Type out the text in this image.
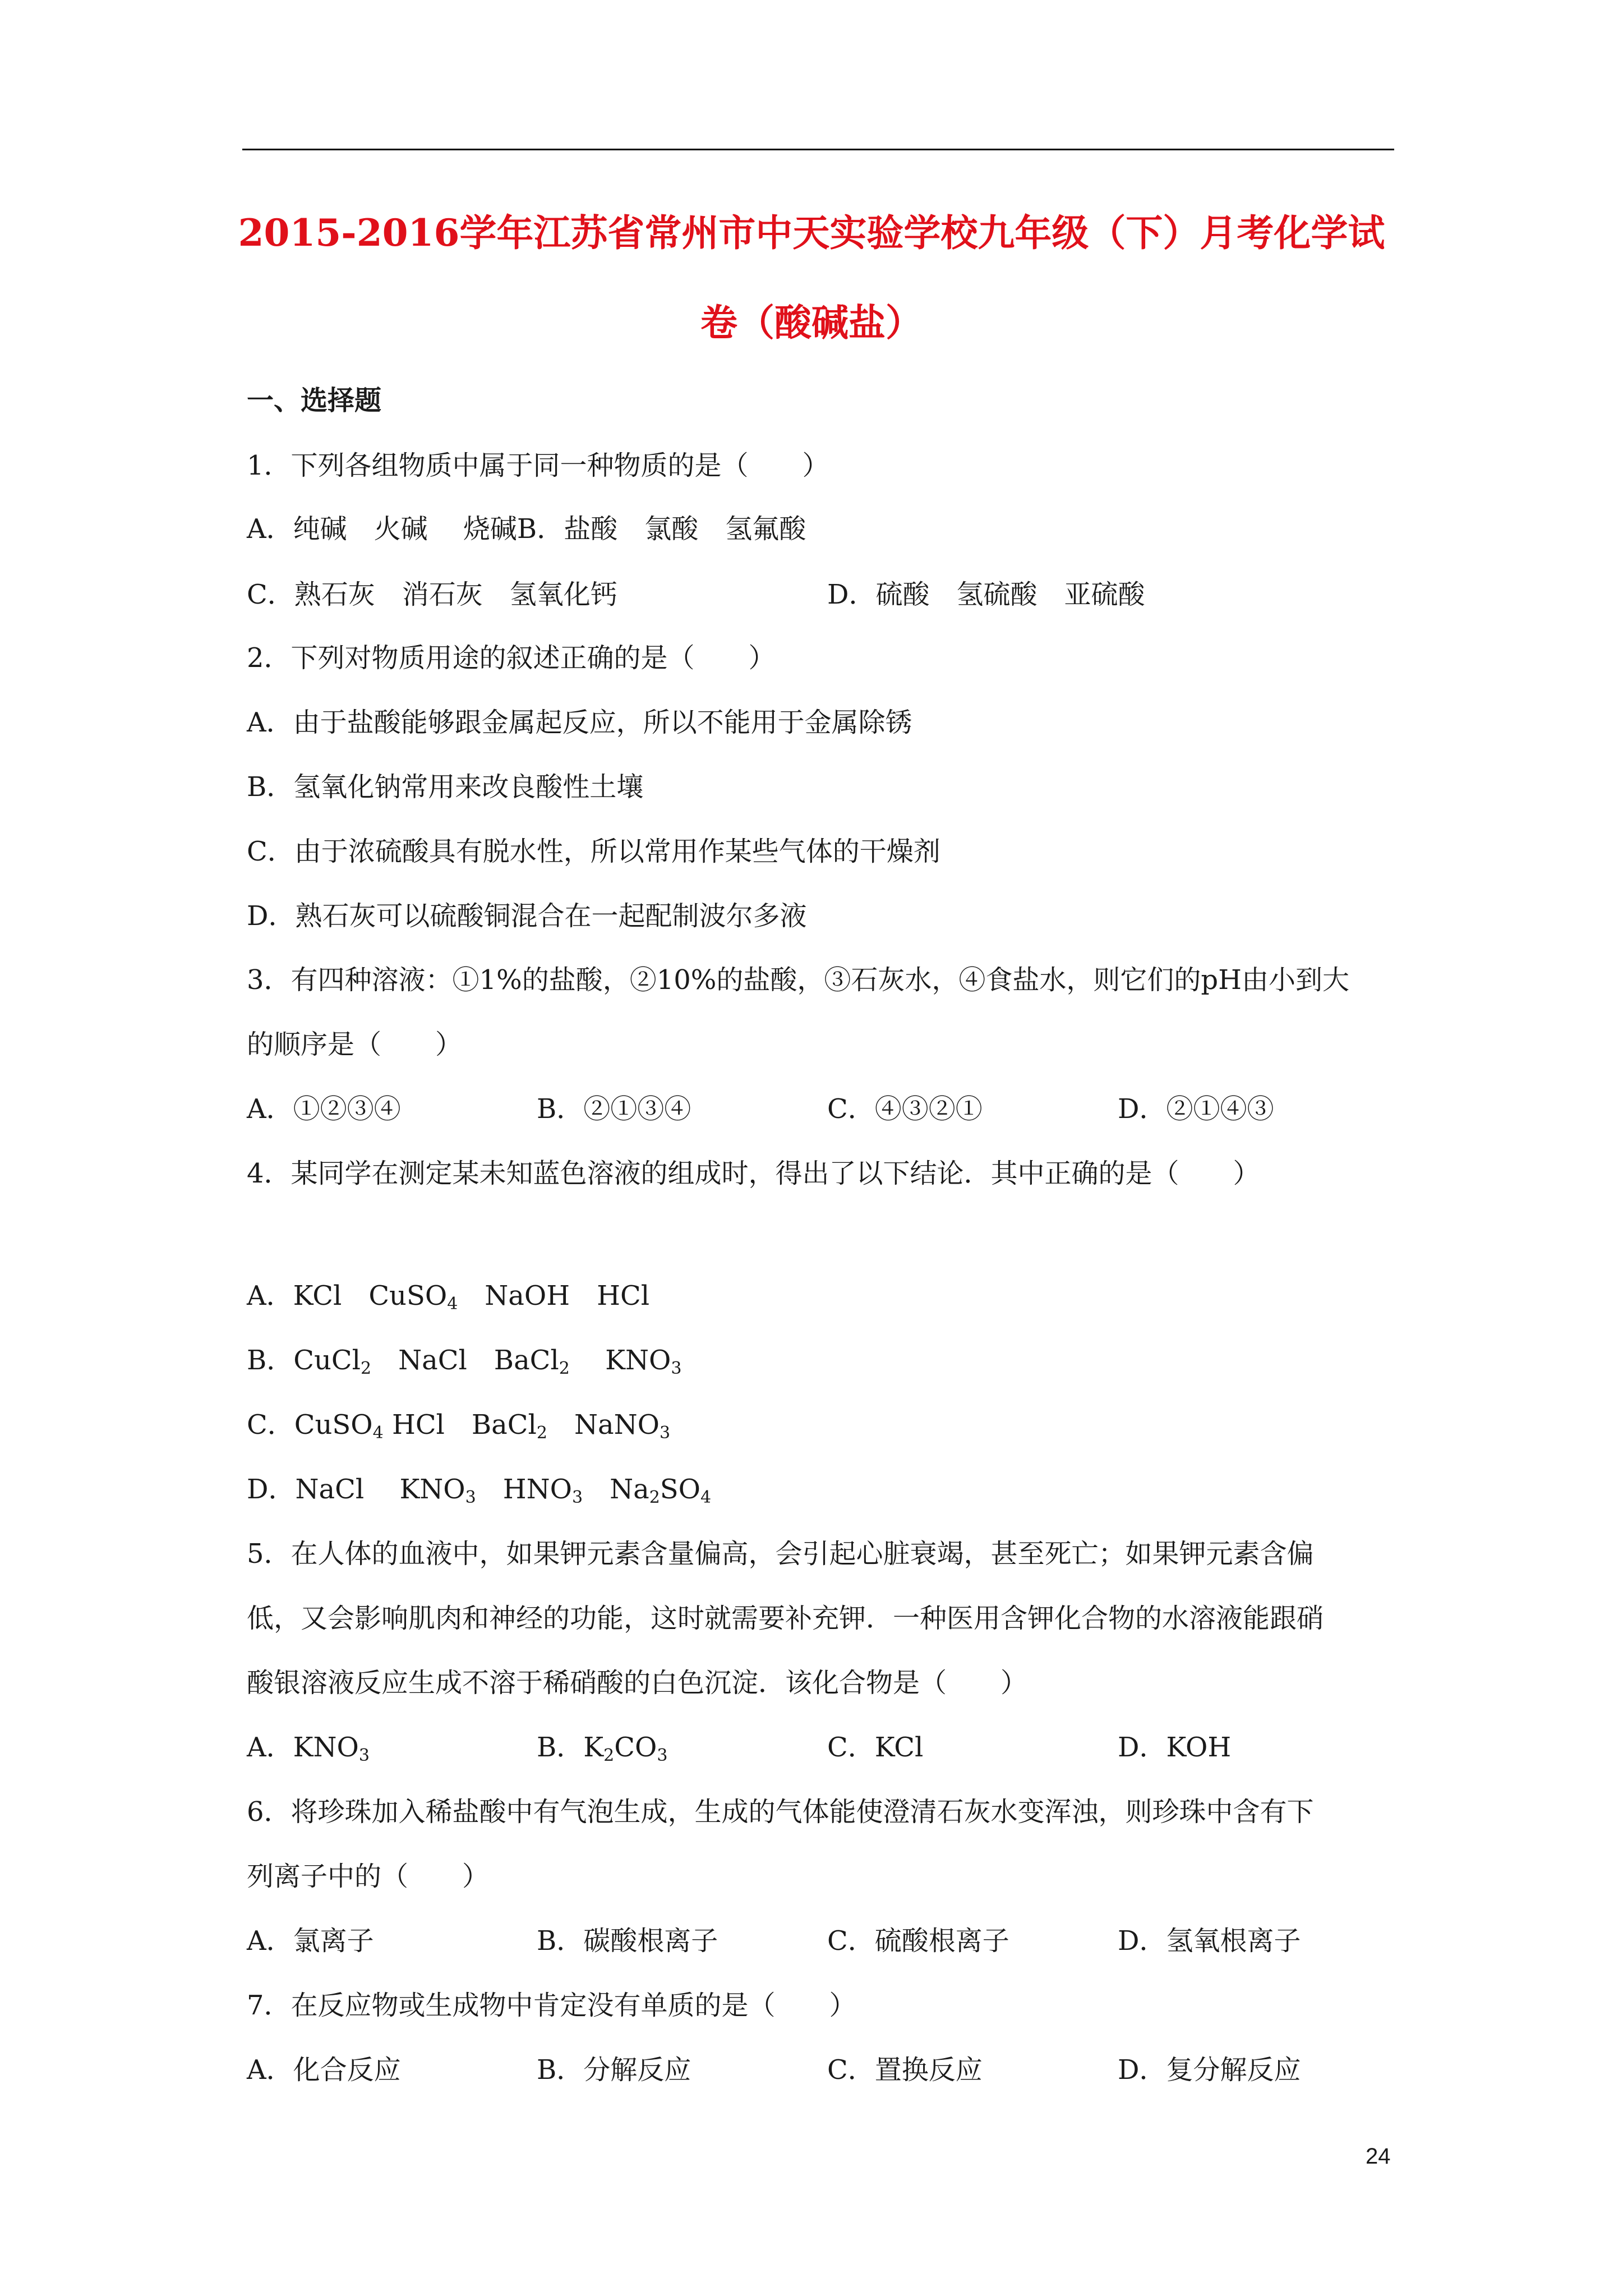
2015-2016学年江苏省常州市中天实验学校九年级（下）月考化学试
卷（酸碱盐）
一、选择题
1．下列各组物质中属于同一种物质的是（　　）
A．纯碱　火碱　 烧碱B．盐酸　氯酸　氢氟酸
C．熟石灰　消石灰　氢氧化钙	D．硫酸　氢硫酸　亚硫酸
2．下列对物质用途的叙述正确的是（　　）
A．由于盐酸能够跟金属起反应，所以不能用于金属除锈
B．氢氧化钠常用来改良酸性土壤
C．由于浓硫酸具有脱水性，所以常用作某些气体的干燥剂
D．熟石灰可以硫酸铜混合在一起配制波尔多液
3．有四种溶液：①1%的盐酸，②10%的盐酸，③石灰水，④食盐水，则它们的pH由小到大
的顺序是（　　）
A．①②③④	B．②①③④	C．④③②①	D．②①④③
4．某同学在测定某未知蓝色溶液的组成时，得出了以下结论．其中正确的是（　　）
A．KCl　CuSO$_4$　NaOH　HCl
B．CuCl$_2$　NaCl　BaCl$_2$　 $KNO_3$
C．CuSO$_4$ HCl　BaCl$_2$　NaNO$_3$
D．NaCl　 $KNO_3$　$HNO_3$　$Na_2SO_4$
5．在人体的血液中，如果钾元素含量偏高，会引起心脏衰竭，甚至死亡；如果钾元素含偏
低，又会影响肌肉和神经的功能，这时就需要补充钾．一种医用含钾化合物的水溶液能跟硝
酸银溶液反应生成不溶于稀硝酸的白色沉淀．该化合物是（　　）
A．$KNO_3$	B．$K_2CO_3$	C．KCl	D．KOH
6．将珍珠加入稀盐酸中有气泡生成，生成的气体能使澄清石灰水变浑浊，则珍珠中含有下
列离子中的（　　）
A．氯离子	B．碳酸根离子	C．硫酸根离子	D．氢氧根离子
7．在反应物或生成物中肯定没有单质的是（　　）
A．化合反应	B．分解反应	C．置换反应	D．复分解反应
24
